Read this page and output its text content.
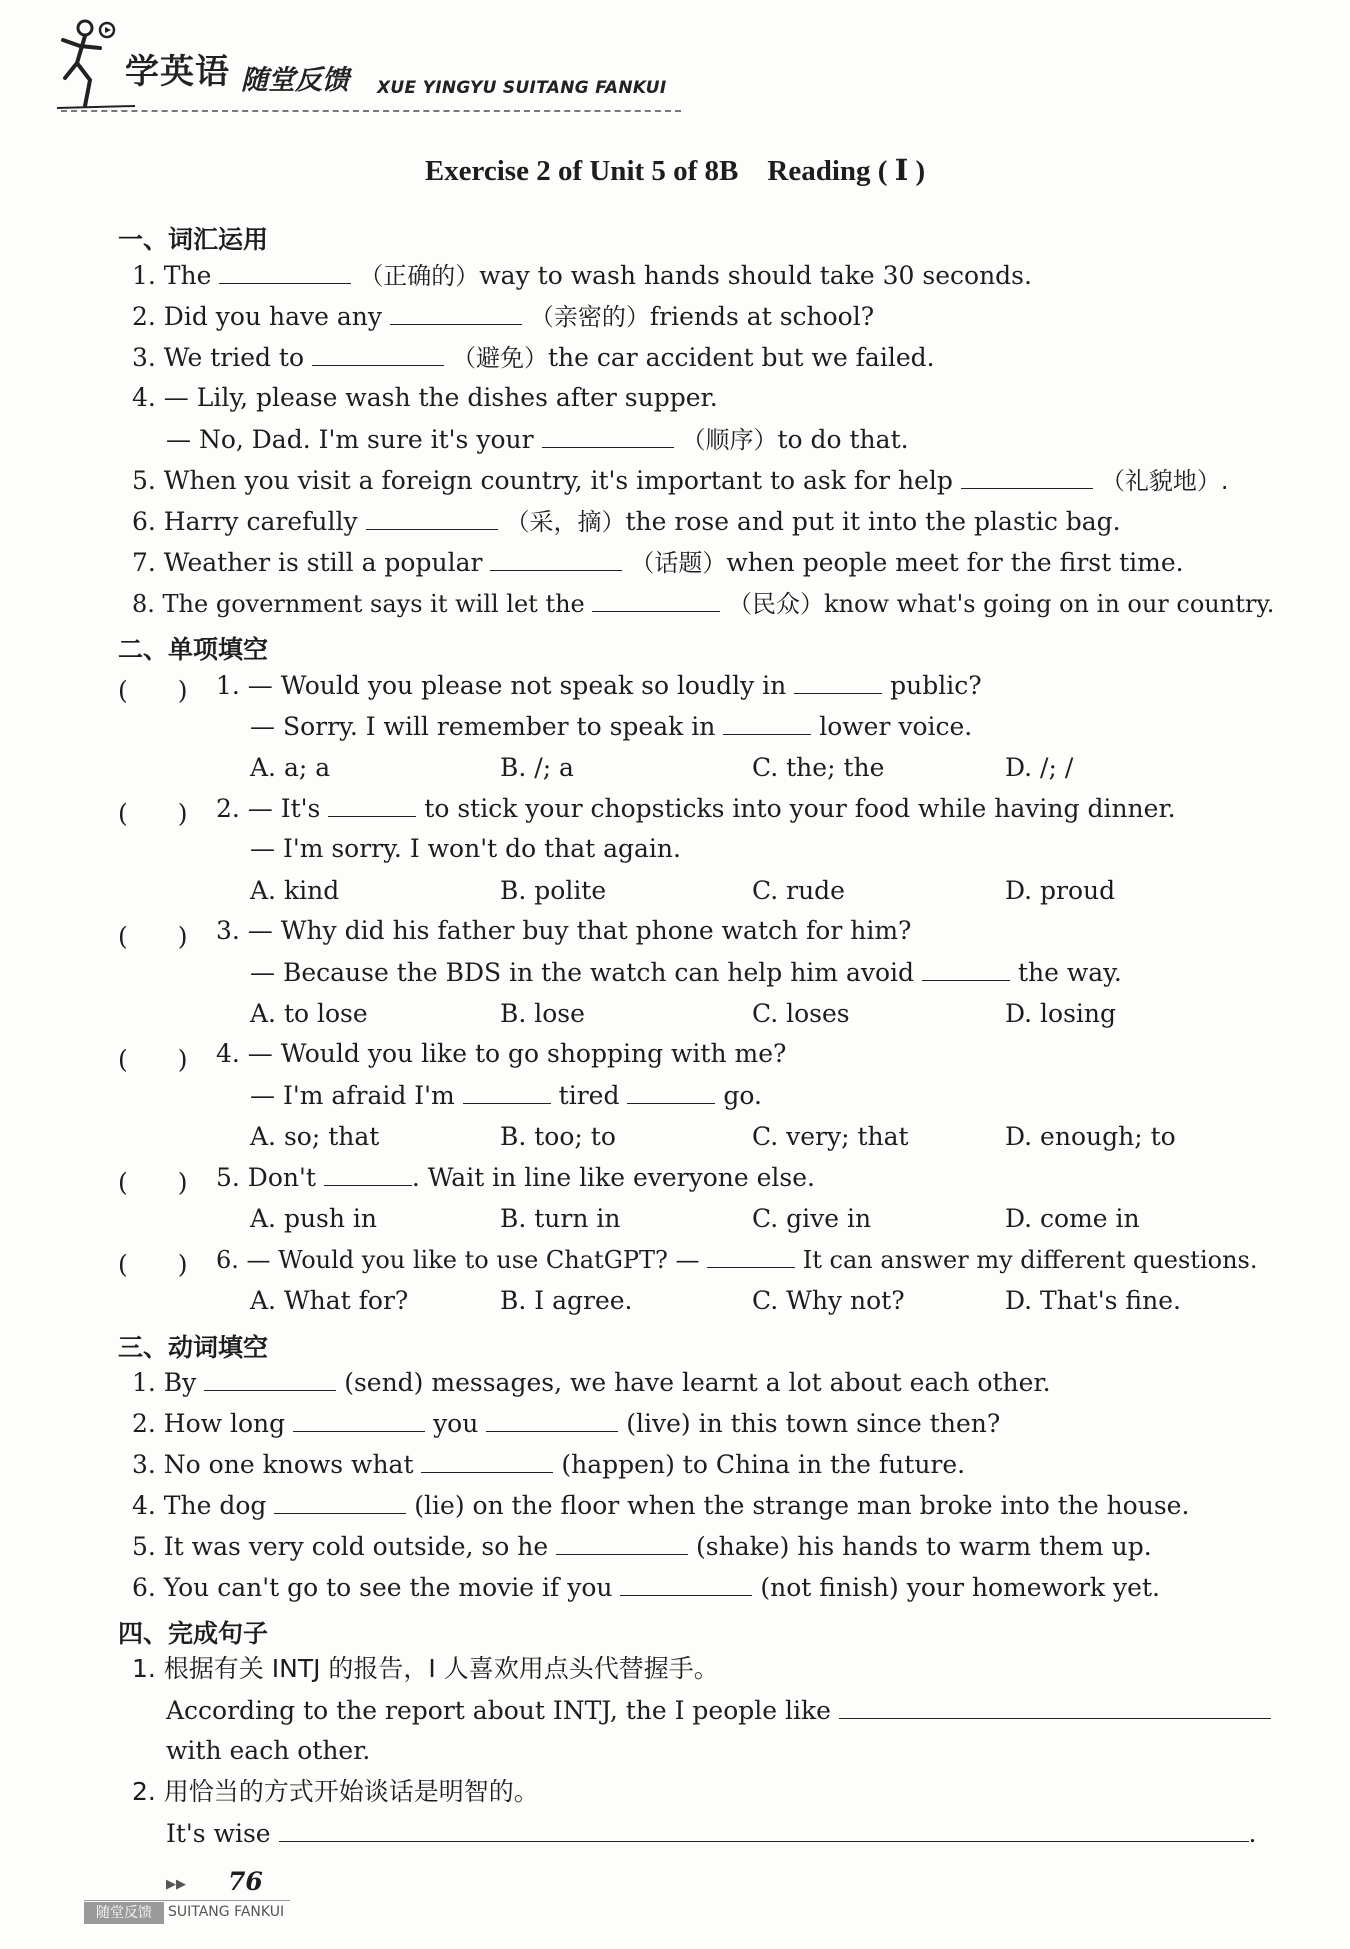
学英语 随堂反馈 XUE YINGYU SUITANG FANKUI
Exercise 2 of Unit 5 of 8B　Reading ( Ⅰ )
一、词汇运用
1. The	（正确的）way to wash hands should take 30 seconds.
2. Did you have any	（亲密的）friends at school?
3. We tried to	（避免）the car accident but we failed.
4. — Lily, please wash the dishes after supper.
— No, Dad. I'm sure it's your	（顺序）to do that.
5. When you visit a foreign country, it's important to ask for help	（礼貌地）.
6. Harry carefully	（采，摘）the rose and put it into the plastic bag.
7. Weather is still a popular	（话题）when people meet for the first time.
8. The government says it will let the	（民众）know what's going on in our country.
二、单项填空
(　　) 1. — Would you please not speak so loudly in	public?
— Sorry. I will remember to speak in	lower voice.
A. a; a	B. /; a	C. the; the	D. /; /
(　　) 2. — It's	to stick your chopsticks into your food while having dinner.
— I'm sorry. I won't do that again.
A. kind	B. polite	C. rude	D. proud
(　　) 3. — Why did his father buy that phone watch for him?
— Because the BDS in the watch can help him avoid	the way.
A. to lose	B. lose	C. loses	D. losing
(　　) 4. — Would you like to go shopping with me?
— I'm afraid I'm	tired	go.
A. so; that	B. too; to	C. very; that	D. enough; to
(　　) 5. Don't	. Wait in line like everyone else.
A. push in	B. turn in	C. give in	D. come in
(　　) 6. — Would you like to use ChatGPT? —	It can answer my different questions.
A. What for?	B. I agree.	C. Why not?	D. That's fine.
三、动词填空
1. By	(send) messages, we have learnt a lot about each other.
2. How long	you	(live) in this town since then?
3. No one knows what	(happen) to China in the future.
4. The dog	(lie) on the floor when the strange man broke into the house.
5. It was very cold outside, so he	(shake) his hands to warm them up.
6. You can't go to see the movie if you	(not finish) your homework yet.
四、完成句子
1. 根据有关 INTJ 的报告，I 人喜欢用点头代替握手。
According to the report about INTJ, the I people like
with each other.
2. 用恰当的方式开始谈话是明智的。
It's wise	.
▶▶ 76
随堂反馈	SUITANG FANKUI
